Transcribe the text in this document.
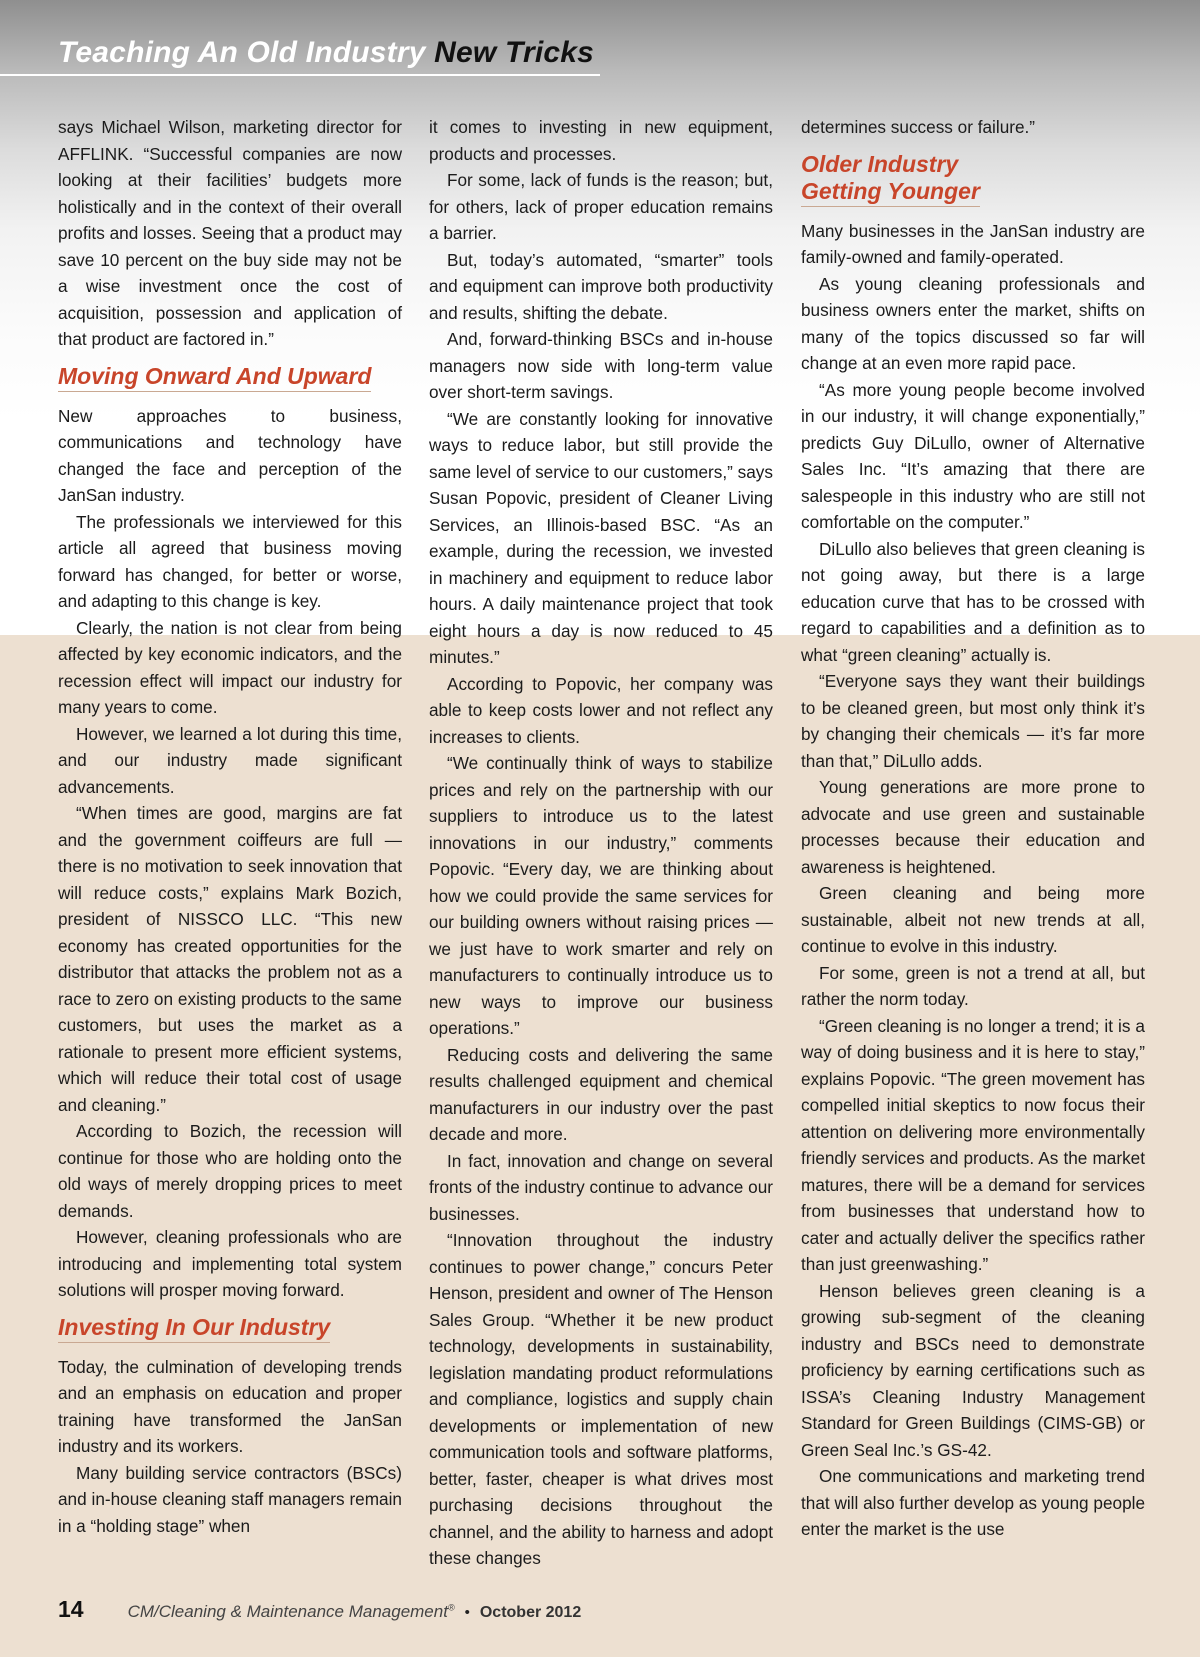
Teaching An Old Industry New Tricks

says Michael Wilson, marketing director for AFFLINK. “Successful companies are now looking at their facilities’ budgets more holistically and in the context of their overall profits and losses. Seeing that a product may save 10 percent on the buy side may not be a wise investment once the cost of acquisition, possession and application of that product are factored in.”

Moving Onward And Upward

New approaches to business, communications and technology have changed the face and perception of the JanSan industry.

The professionals we interviewed for this article all agreed that business moving forward has changed, for better or worse, and adapting to this change is key.

Clearly, the nation is not clear from being affected by key economic indicators, and the recession effect will impact our industry for many years to come.

However, we learned a lot during this time, and our industry made significant advancements.

“When times are good, margins are fat and the government coiffeurs are full — there is no motivation to seek innovation that will reduce costs,” explains Mark Bozich, president of NISSCO LLC. “This new economy has created opportunities for the distributor that attacks the problem not as a race to zero on existing products to the same customers, but uses the market as a rationale to present more efficient systems, which will reduce their total cost of usage and cleaning.”

According to Bozich, the recession will continue for those who are holding onto the old ways of merely dropping prices to meet demands.

However, cleaning professionals who are introducing and implementing total system solutions will prosper moving forward.

Investing In Our Industry

Today, the culmination of developing trends and an emphasis on education and proper training have transformed the JanSan industry and its workers.

Many building service contractors (BSCs) and in-house cleaning staff managers remain in a “holding stage” when

it comes to investing in new equipment, products and processes.

For some, lack of funds is the reason; but, for others, lack of proper education remains a barrier.

But, today’s automated, “smarter” tools and equipment can improve both productivity and results, shifting the debate.

And, forward-thinking BSCs and in-house managers now side with long-term value over short-term savings.

“We are constantly looking for innovative ways to reduce labor, but still provide the same level of service to our customers,” says Susan Popovic, president of Cleaner Living Services, an Illinois-based BSC. “As an example, during the recession, we invested in machinery and equipment to reduce labor hours. A daily maintenance project that took eight hours a day is now reduced to 45 minutes.”

According to Popovic, her company was able to keep costs lower and not reflect any increases to clients.

“We continually think of ways to stabilize prices and rely on the partnership with our suppliers to introduce us to the latest innovations in our industry,” comments Popovic. “Every day, we are thinking about how we could provide the same services for our building owners without raising prices — we just have to work smarter and rely on manufacturers to continually introduce us to new ways to improve our business operations.”

Reducing costs and delivering the same results challenged equipment and chemical manufacturers in our industry over the past decade and more.

In fact, innovation and change on several fronts of the industry continue to advance our businesses.

“Innovation throughout the industry continues to power change,” concurs Peter Henson, president and owner of The Henson Sales Group. “Whether it be new product technology, developments in sustainability, legislation mandating product reformulations and compliance, logistics and supply chain developments or implementation of new communication tools and software platforms, better, faster, cheaper is what drives most purchasing decisions throughout the channel, and the ability to harness and adopt these changes

determines success or failure.”

Older Industry
Getting Younger

Many businesses in the JanSan industry are family-owned and family-operated.

As young cleaning professionals and business owners enter the market, shifts on many of the topics discussed so far will change at an even more rapid pace.

“As more young people become involved in our industry, it will change exponentially,” predicts Guy DiLullo, owner of Alternative Sales Inc. “It’s amazing that there are salespeople in this industry who are still not comfortable on the computer.”

DiLullo also believes that green cleaning is not going away, but there is a large education curve that has to be crossed with regard to capabilities and a definition as to what “green cleaning” actually is.

“Everyone says they want their buildings to be cleaned green, but most only think it’s by changing their chemicals — it’s far more than that,” DiLullo adds.

Young generations are more prone to advocate and use green and sustainable processes because their education and awareness is heightened.

Green cleaning and being more sustainable, albeit not new trends at all, continue to evolve in this industry.

For some, green is not a trend at all, but rather the norm today.

“Green cleaning is no longer a trend; it is a way of doing business and it is here to stay,” explains Popovic. “The green movement has compelled initial skeptics to now focus their attention on delivering more environmentally friendly services and products. As the market matures, there will be a demand for services from businesses that understand how to cater and actually deliver the specifics rather than just greenwashing.”

Henson believes green cleaning is a growing sub-segment of the cleaning industry and BSCs need to demonstrate proficiency by earning certifications such as ISSA’s Cleaning Industry Management Standard for Green Buildings (CIMS-GB) or Green Seal Inc.’s GS-42.

One communications and marketing trend that will also further develop as young people enter the market is the use

14	CM/Cleaning & Maintenance Management® • October 2012
